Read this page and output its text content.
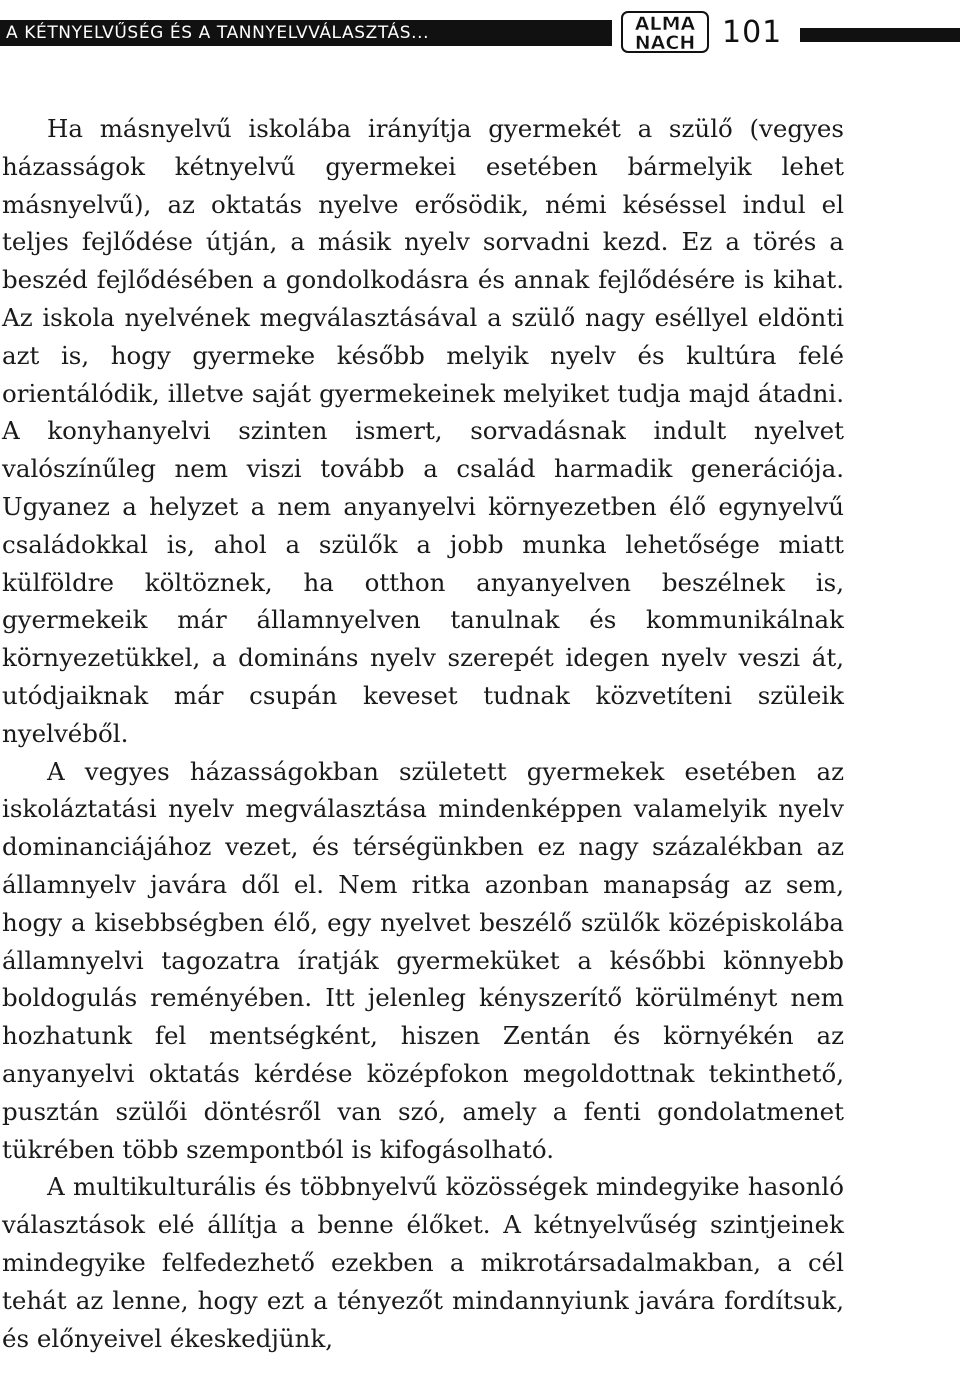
A KÉTNYELVŰSÉG ÉS A TANNYELVVÁLASZTÁS...	ALMA
NACH 101

Ha másnyelvű iskolába irányítja gyermekét a szülő (vegyes házasságok kétnyelvű gyermekei esetében bármelyik lehet másnyelvű), az oktatás nyelve erősödik, némi késéssel indul el teljes fejlődése útján, a másik nyelv sorvadni kezd. Ez a törés a beszéd fejlődésében a gondolkodásra és annak fejlődésére is kihat. Az iskola nyelvének megválasztásával a szülő nagy eséllyel eldönti azt is, hogy gyermeke később melyik nyelv és kultúra felé orientálódik, illetve saját gyermekeinek melyiket tudja majd átadni. A konyhanyelvi szinten ismert, sorvadásnak indult nyelvet valószínűleg nem viszi tovább a család harmadik generációja. Ugyanez a helyzet a nem anyanyelvi környezetben élő egynyelvű családokkal is, ahol a szülők a jobb munka lehetősége miatt külföldre költöznek, ha otthon anyanyelven beszélnek is, gyermekeik már államnyelven tanulnak és kommunikálnak környezetükkel, a domináns nyelv szerepét idegen nyelv veszi át, utódjaiknak már csupán keveset tudnak közvetíteni szüleik nyelvéből.

A vegyes házasságokban született gyermekek esetében az iskoláztatási nyelv megválasztása mindenképpen valamelyik nyelv dominanciájához vezet, és térségünkben ez nagy százalékban az államnyelv javára dől el. Nem ritka azonban manapság az sem, hogy a kisebbségben élő, egy nyelvet beszélő szülők középiskolába államnyelvi tagozatra íratják gyermeküket a későbbi könnyebb boldogulás reményében. Itt jelenleg kényszerítő körülményt nem hozhatunk fel mentségként, hiszen Zentán és környékén az anyanyelvi oktatás kérdése középfokon megoldottnak tekinthető, pusztán szülői döntésről van szó, amely a fenti gondolatmenet tükrében több szempontból is kifogásolható.

A multikulturális és többnyelvű közösségek mindegyike hasonló választások elé állítja a benne élőket. A kétnyelvűség szintjeinek mindegyike felfedezhető ezekben a mikrotársadalmakban, a cél tehát az lenne, hogy ezt a tényezőt mindannyiunk javára fordítsuk, és előnyeivel ékeskedjünk,
